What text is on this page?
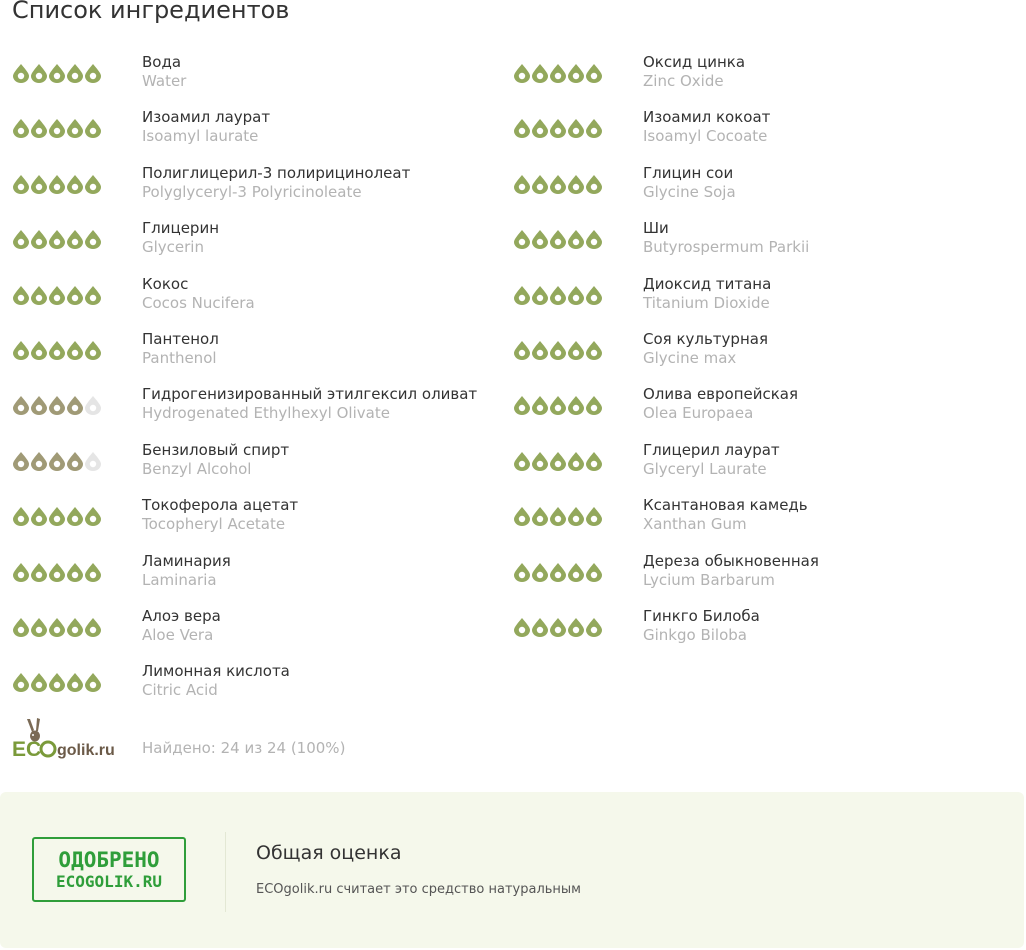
Список ингредиентов
Вода
Water
Изоамил лаурат
Isoamyl laurate
Полиглицерил-3 полирицинолеат
Polyglyceryl-3 Polyricinoleate
Глицерин
Glycerin
Кокос
Cocos Nucifera
Пантенол
Panthenol
Гидрогенизированный этилгексил оливат
Hydrogenated Ethylhexyl Olivate
Бензиловый спирт
Benzyl Alcohol
Токоферола ацетат
Tocopheryl Acetate
Ламинария
Laminaria
Алоэ вера
Aloe Vera
Лимонная кислота
Citric Acid
Оксид цинка
Zinc Oxide
Изоамил кокоат
Isoamyl Cocoate
Глицин сои
Glycine Soja
Ши
Butyrospermum Parkii
Диоксид титана
Titanium Dioxide
Соя культурная
Glycine max
Олива европейская
Olea Europaea
Глицерил лаурат
Glyceryl Laurate
Ксантановая камедь
Xanthan Gum
Дереза обыкновенная
Lycium Barbarum
Гинкго Билоба
Ginkgo Biloba
EC golik.ru Найдено: 24 из 24 (100%)
ОДОБРЕНО
ECOGOLIK.RU
Общая оценка
ECOgolik.ru считает это средство натуральным
